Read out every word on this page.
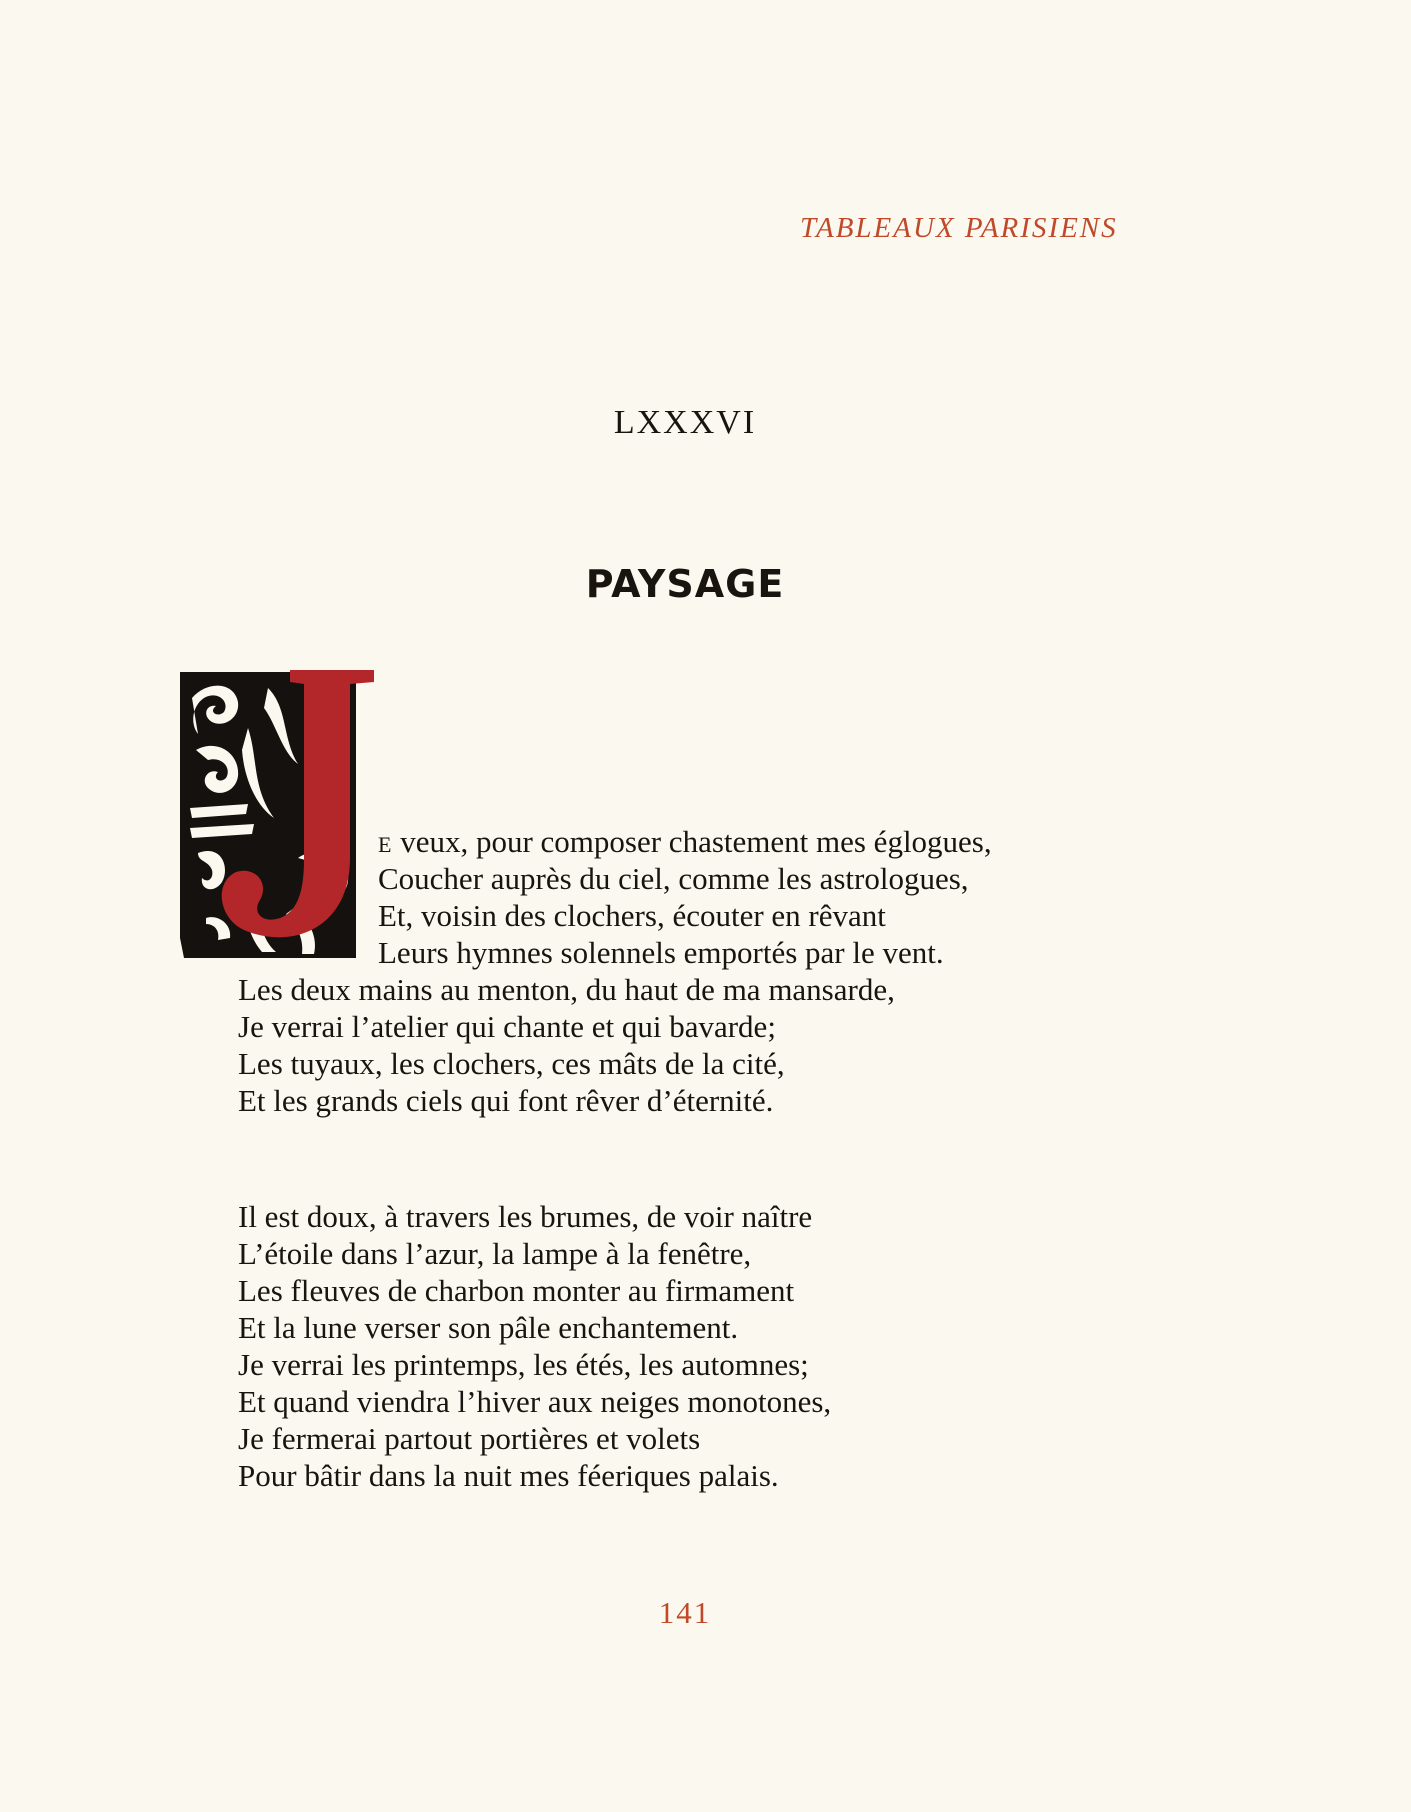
TABLEAUX PARISIENS
LXXXVI
PAYSAGE
E veux, pour composer chastement mes églogues,
Coucher auprès du ciel, comme les astrologues,
Et, voisin des clochers, écouter en rêvant
Leurs hymnes solennels emportés par le vent.
Les deux mains au menton, du haut de ma mansarde,
Je verrai l’atelier qui chante et qui bavarde;
Les tuyaux, les clochers, ces mâts de la cité,
Et les grands ciels qui font rêver d’éternité.
Il est doux, à travers les brumes, de voir naître
L’étoile dans l’azur, la lampe à la fenêtre,
Les fleuves de charbon monter au firmament
Et la lune verser son pâle enchantement.
Je verrai les printemps, les étés, les automnes;
Et quand viendra l’hiver aux neiges monotones,
Je fermerai partout portières et volets
Pour bâtir dans la nuit mes féeriques palais.
141
